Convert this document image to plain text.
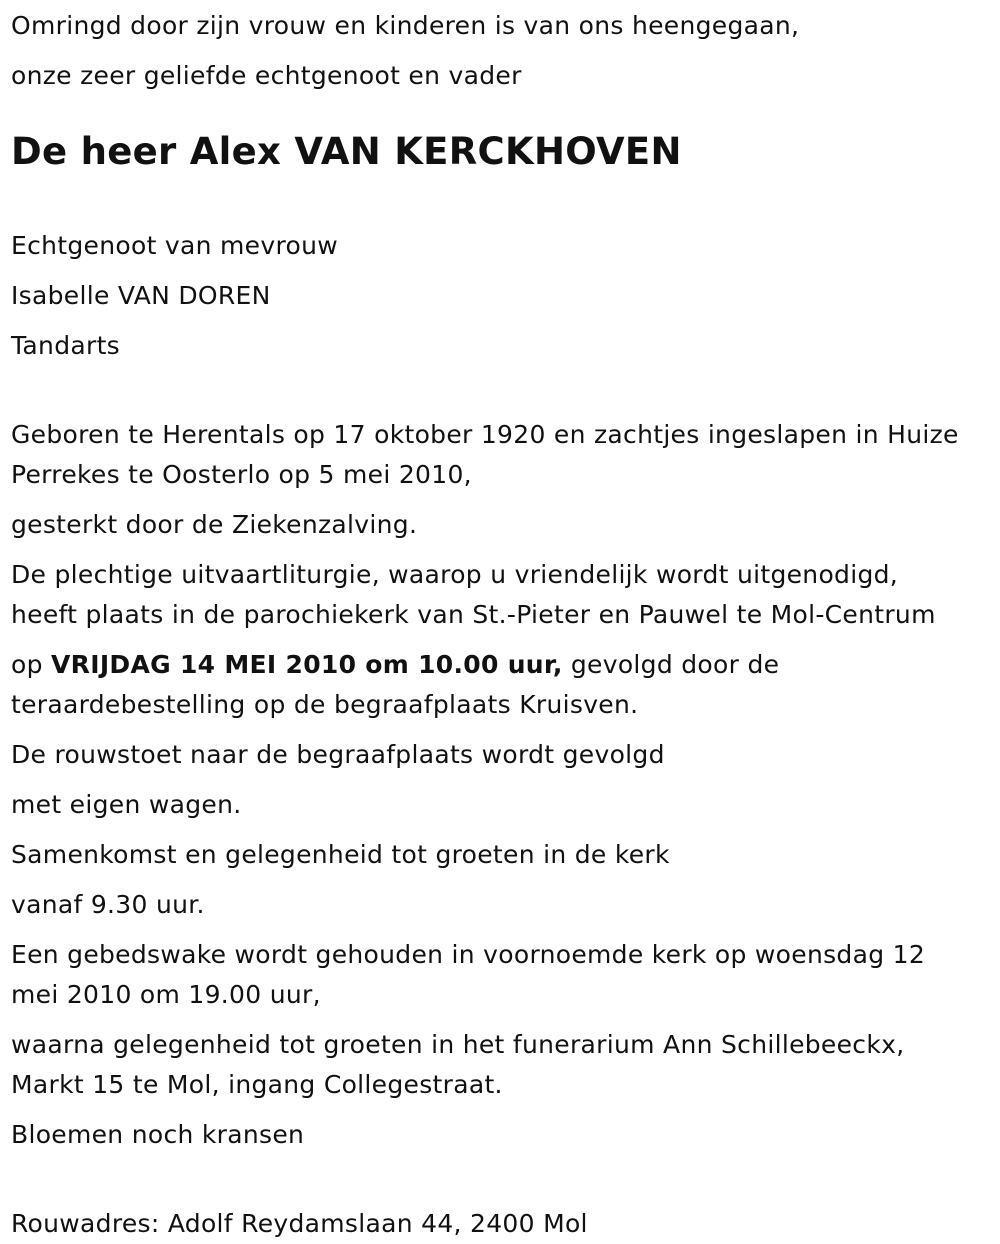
Omringd door zijn vrouw en kinderen is van ons heengegaan,

onze zeer geliefde echtgenoot en vader

De heer Alex VAN KERCKHOVEN

Echtgenoot van mevrouw

Isabelle VAN DOREN

Tandarts

Geboren te Herentals op 17 oktober 1920 en zachtjes ingeslapen in Huize

Perrekes te Oosterlo op 5 mei 2010,

gesterkt door de Ziekenzalving.

De plechtige uitvaartliturgie, waarop u vriendelijk wordt uitgenodigd,

heeft plaats in de parochiekerk van St.-Pieter en Pauwel te Mol-Centrum

op VRIJDAG 14 MEI 2010 om 10.00 uur, gevolgd door de

teraardebestelling op de begraafplaats Kruisven.

De rouwstoet naar de begraafplaats wordt gevolgd

met eigen wagen.

Samenkomst en gelegenheid tot groeten in de kerk

vanaf 9.30 uur.

Een gebedswake wordt gehouden in voornoemde kerk op woensdag 12

mei 2010 om 19.00 uur,

waarna gelegenheid tot groeten in het funerarium Ann Schillebeeckx,

Markt 15 te Mol, ingang Collegestraat.

Bloemen noch kransen

Rouwadres: Adolf Reydamslaan 44, 2400 Mol
